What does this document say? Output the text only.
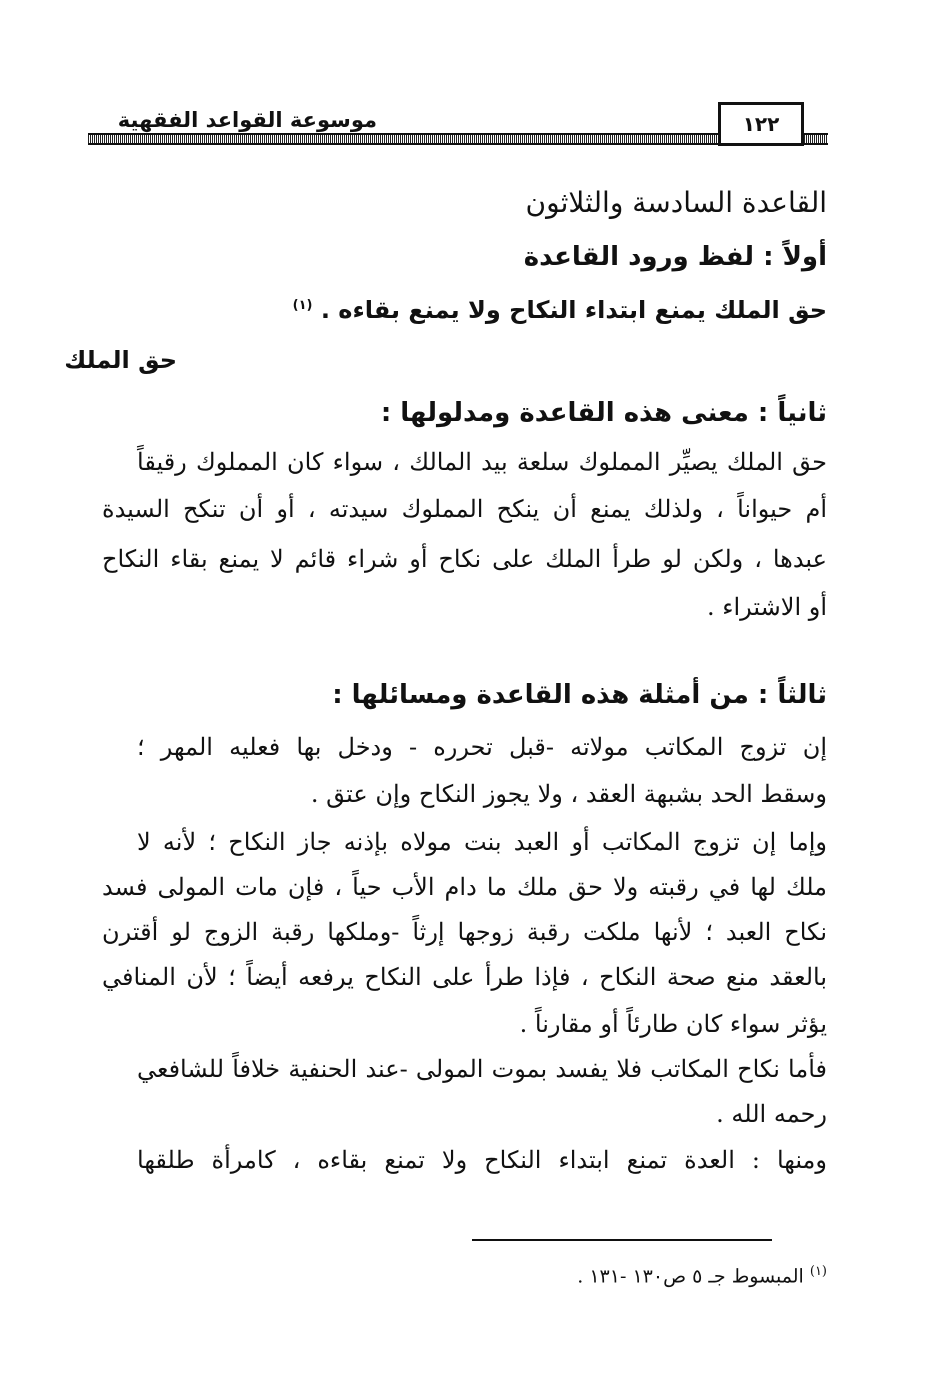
موسوعة القواعد الفقهية	١٢٢
القاعدة السادسة والثلاثون
أولاً : لفظ ورود القاعدة
حق الملك يمنع ابتداء النكاح ولا يمنع بقاءه . $^{(١)}$
حق الملك
ثانياً : معنى هذه القاعدة ومدلولها :
حق الملك يصيِّر المملوك سلعة بيد المالك ، سواء كان المملوك رقيقاً
أم حيواناً ، ولذلك يمنع أن ينكح المملوك سيدته ، أو أن تنكح السيدة
عبدها ، ولكن لو طرأ الملك على نكاح أو شراء قائم لا يمنع بقاء النكاح
أو الاشتراء .
ثالثاً : من أمثلة هذه القاعدة ومسائلها :
إن تزوج المكاتب مولاته -قبل تحرره - ودخل بها فعليه المهر ؛
وسقط الحد بشبهة العقد ، ولا يجوز النكاح وإن عتق .
وإما إن تزوج المكاتب أو العبد بنت مولاه بإذنه جاز النكاح ؛ لأنه لا
ملك لها في رقبته ولا حق ملك ما دام الأب حياً ، فإن مات المولى فسد
نكاح العبد ؛ لأنها ملكت رقبة زوجها إرثاً -وملكها رقبة الزوج لو أقترن
بالعقد منع صحة النكاح ، فإذا طرأ على النكاح يرفعه أيضاً ؛ لأن المنافي
يؤثر سواء كان طارئاً أو مقارناً .
فأما نكاح المكاتب فلا يفسد بموت المولى -عند الحنفية خلافاً للشافعي
رحمه الله .
ومنها : العدة تمنع ابتداء النكاح ولا تمنع بقاءه ، كامرأة طلقها
$^{(١)}$ المبسوط جـ ٥ ص١٣٠ -١٣١ .
